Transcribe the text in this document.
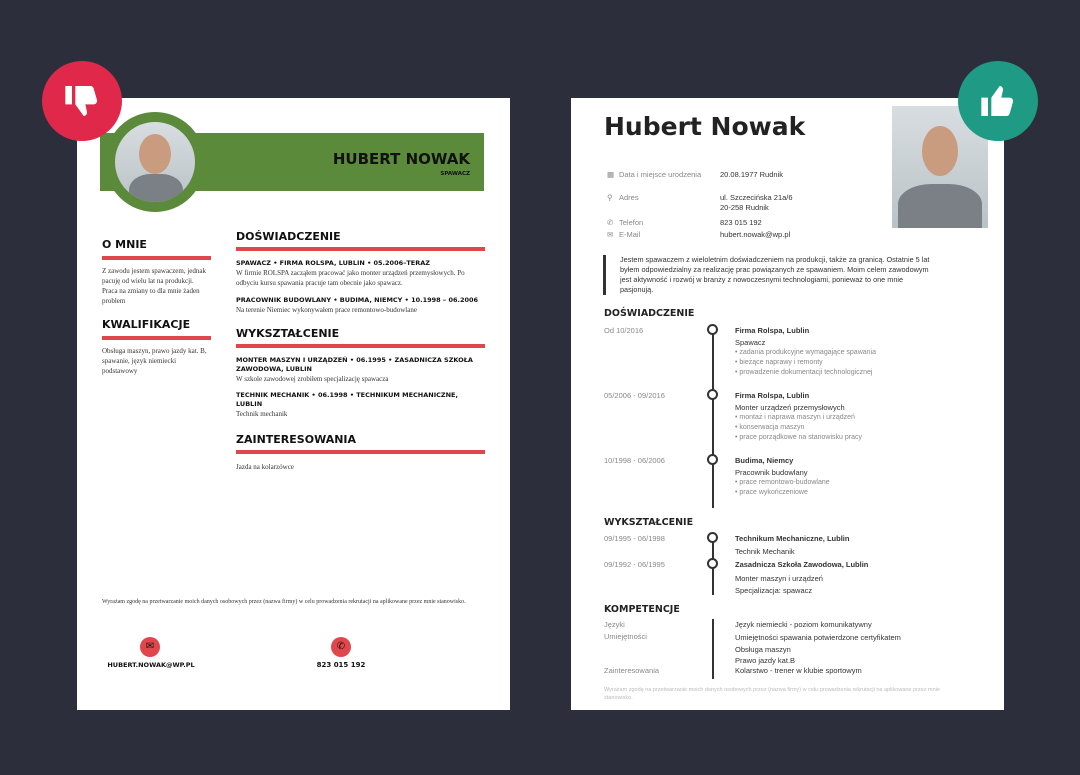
HUBERT NOWAK
SPAWACZ
O MNIE
Z zawodu jestem spawaczem, jednak pacuję od wielu lat na produkcji. Praca na zmiany to dla mnie żaden problem
KWALIFIKACJE
Obsługa maszyn, prawo jazdy kat. B, spawanie, język niemiecki podstawowy
DOŚWIADCZENIE
SPAWACZ • FIRMA ROLSPA, LUBLIN • 05.2006–TERAZ
W firmie ROLSPA zacząłem pracować jako monter urządzeń przemysłowych. Po odbyciu kursu spawania pracuje tam obecnie jako spawacz.
PRACOWNIK BUDOWLANY • BUDIMA, NIEMCY • 10.1998 – 06.2006
Na terenie Niemiec wykonywałem prace remontowo-budowlane
WYKSZTAŁCENIE
MONTER MASZYN I URZĄDZEŃ • 06.1995 • ZASADNICZA SZKOŁA ZAWODOWA, LUBLIN
W szkole zawodowej zrobiłem specjalizację spawacza
TECHNIK MECHANIK • 06.1998 • TECHNIKUM MECHANICZNE, LUBLIN
Technik mechanik
ZAINTERESOWANIA
Jazda na kolarzówce
Wyrażam zgodę na przetwarzanie moich danych osobowych przez (nazwa firmy) w celu prowadzenia rekrutacji na aplikowane przez mnie stanowisko.
✉
HUBERT.NOWAK@WP.PL
✆
823 015 192
Hubert Nowak
▦ Data i miejsce urodzenia	20.08.1977 Rudnik
⚲ Adres	ul. Szczecińska 21a/6
20-258 Rudnik
✆ Telefon	823 015 192
✉ E-Mail	hubert.nowak@wp.pl
Jestem spawaczem z wieloletnim doświadczeniem na produkcji, także za granicą. Ostatnie 5 lat byłem odpowiedzialny za realizację prac powiązanych ze spawaniem. Moim celem zawodowym jest aktywność i rozwój w branży z nowoczesnymi technologiami, ponieważ to one mnie pasjonują.
DOŚWIADCZENIE
Od 10/2016	Firma Rolspa, Lublin
Spawacz
• zadania produkcyjne wymagające spawania
• bieżące naprawy i remonty
• prowadzenie dokumentacji technologicznej
05/2006 - 09/2016	Firma Rolspa, Lublin
Monter urządzeń przemysłowych
• montaż i naprawa maszyn i urządzeń
• konserwacja maszyn
• prace porządkowe na stanowisku pracy
10/1998 - 06/2006	Budima, Niemcy
Pracownik budowlany
• prace remontowo-budowlane
• prace wykończeniowe
WYKSZTAŁCENIE
09/1995 - 06/1998	Technikum Mechaniczne, Lublin
Technik Mechanik
09/1992 - 06/1995	Zasadnicza Szkoła Zawodowa, Lublin
Monter maszyn i urządzeń
Specjalizacja: spawacz
KOMPETENCJE
Języki	Język niemiecki - poziom komunikatywny
Umiejętności	Umiejętności spawania potwierdzone certyfikatem
Obsługa maszyn
Prawo jazdy kat.B
Zainteresowania	Kolarstwo - trener w klubie sportowym
Wyrażam zgodę na przetwarzanie moich danych osobowych przez (nazwa firmy) w celu prowadzenia rekrutacji na aplikowane przez mnie stanowisko.
